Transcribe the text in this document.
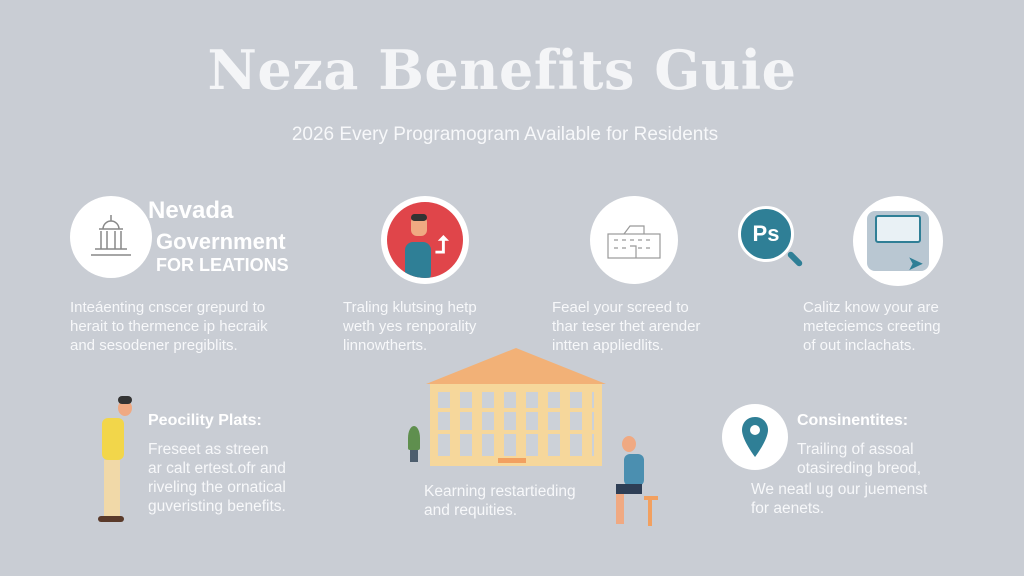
Neza Benefits Guie
2026 Every Programogram Available for Residents
Nevada
Government
FOR LEATIONS
Inteáenting cnscer grepurd to
herait to thermence ip hecraik
and sesodener pregiblits.
⮥
Traling klutsing hetp
weth yes renporality
linnowtherts.
Feael your screed to
thar teser thet arender
intten appliedlits.
Ps
➤
Calitz know your are
meteciemcs creeting
of out inclachats.
Peocility Plats:
Freseet as streen
ar calt ertest.ofr and
riveling the ornatical
guveristing benefits.
Kearning restartieding
and requities.
Consinentites:
Trailing of assoal
otasireding breod,
We neatl ug our juemenst
for aenets.
